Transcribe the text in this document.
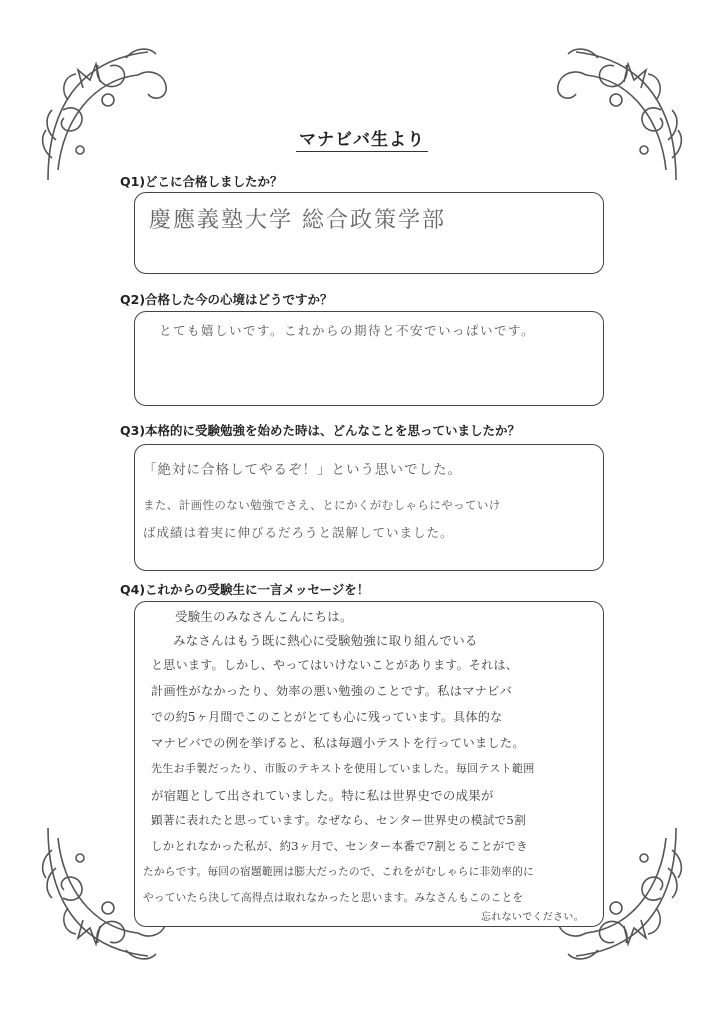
マナビバ生より
Q1)どこに合格しましたか？
慶應義塾大学 総合政策学部
Q2)合格した今の心境はどうですか？
とても嬉しいです。これからの期待と不安でいっぱいです。
Q3)本格的に受験勉強を始めた時は、どんなことを思っていましたか？
「絶対に合格してやるぞ！」という思いでした。
また、計画性のない勉強でさえ、とにかくがむしゃらにやっていけ
ば成績は着実に伸びるだろうと誤解していました。
Q4)これからの受験生に一言メッセージを！
受験生のみなさんこんにちは。
みなさんはもう既に熱心に受験勉強に取り組んでいる
と思います。しかし、やってはいけないことがあります。それは、
計画性がなかったり、効率の悪い勉強のことです。私はマナビバ
での約5ヶ月間でこのことがとても心に残っています。具体的な
マナビバでの例を挙げると、私は毎週小テストを行っていました。
先生お手製だったり、市販のテキストを使用していました。毎回テスト範囲
が宿題として出されていました。特に私は世界史での成果が
顕著に表れたと思っています。なぜなら、センター世界史の模試で5割
しかとれなかった私が、約3ヶ月で、センター本番で7割とることができ
たからです。毎回の宿題範囲は膨大だったので、これをがむしゃらに非効率的に
やっていたら決して高得点は取れなかったと思います。みなさんもこのことを
忘れないでください。
